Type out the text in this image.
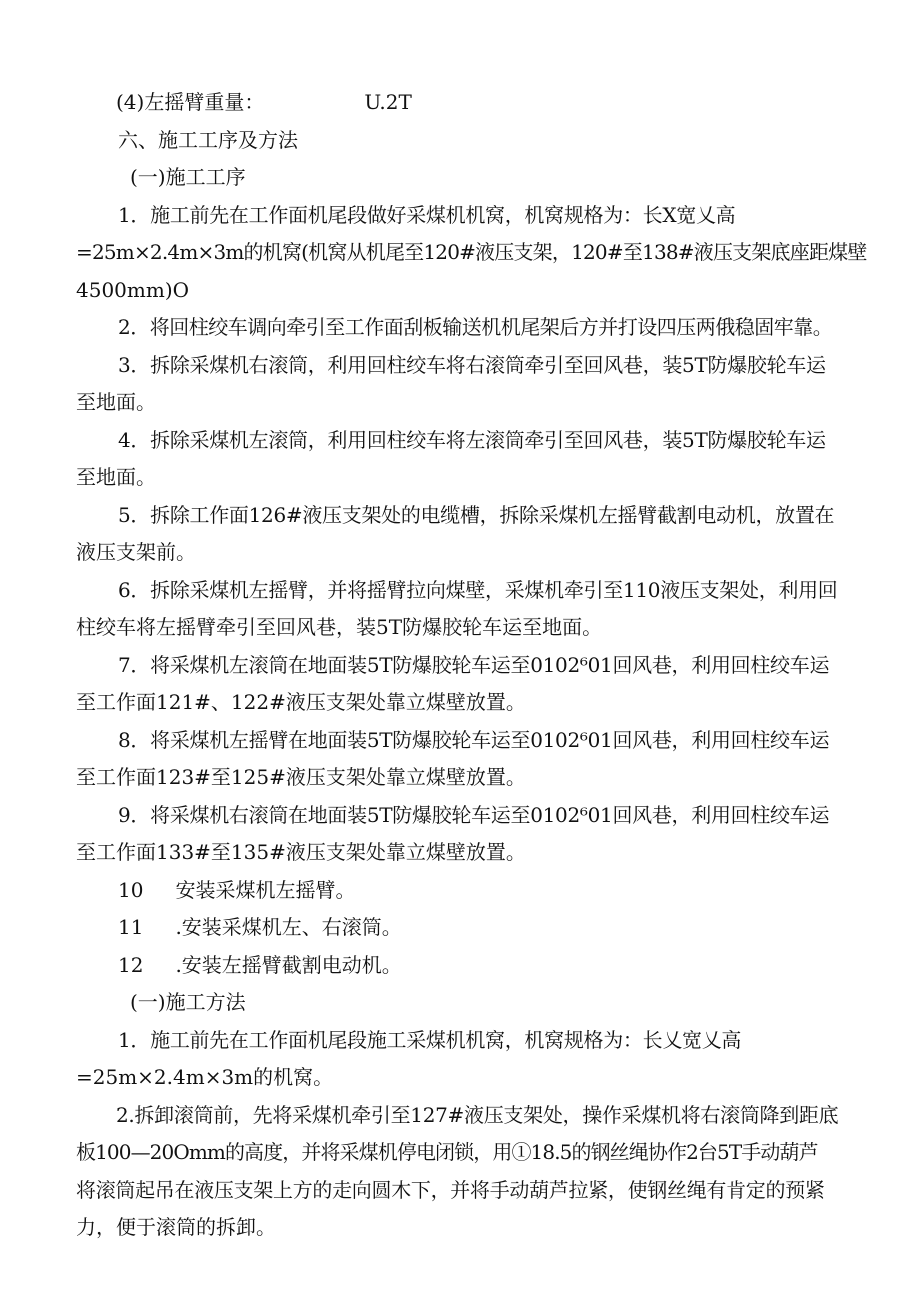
(4)左摇臂重量：	U.2T
六、施工工序及方法
(一)施工工序
1．施工前先在工作面机尾段做好采煤机机窝，机窝规格为：长X宽乂高
=25m×2.4m×3m的机窝(机窝从机尾至120#液压支架，120#至138#液压支架底座距煤壁
4500mm)O
2．将回柱绞车调向牵引至工作面刮板输送机机尾架后方并打设四压两俄稳固牢靠。
3．拆除采煤机右滚筒，利用回柱绞车将右滚筒牵引至回风巷，装5T防爆胶轮车运
至地面。
4．拆除采煤机左滚筒，利用回柱绞车将左滚筒牵引至回风巷，装5T防爆胶轮车运
至地面。
5．拆除工作面126#液压支架处的电缆槽，拆除采煤机左摇臂截割电动机，放置在
液压支架前。
6．拆除采煤机左摇臂，并将摇臂拉向煤壁，采煤机牵引至110液压支架处，利用回
柱绞车将左摇臂牵引至回风巷，装5T防爆胶轮车运至地面。
7．将采煤机左滚筒在地面装5T防爆胶轮车运至0102⁶01回风巷，利用回柱绞车运
至工作面121#、122#液压支架处靠立煤壁放置。
8．将采煤机左摇臂在地面装5T防爆胶轮车运至0102⁶01回风巷，利用回柱绞车运
至工作面123#至125#液压支架处靠立煤壁放置。
9．将采煤机右滚筒在地面装5T防爆胶轮车运至0102⁶01回风巷，利用回柱绞车运
至工作面133#至135#液压支架处靠立煤壁放置。
10 安装采煤机左摇臂。
11 .安装采煤机左、右滚筒。
12 .安装左摇臂截割电动机。
(一)施工方法
1．施工前先在工作面机尾段施工采煤机机窝，机窝规格为：长乂宽乂高
=25m×2.4m×3m的机窝。
2.拆卸滚筒前，先将采煤机牵引至127#液压支架处，操作采煤机将右滚筒降到距底
板100—20Omm的高度，并将采煤机停电闭锁，用①18.5的钢丝绳协作2台5T手动葫芦
将滚筒起吊在液压支架上方的走向圆木下，并将手动葫芦拉紧，使钢丝绳有肯定的预紧
力，便于滚筒的拆卸。
